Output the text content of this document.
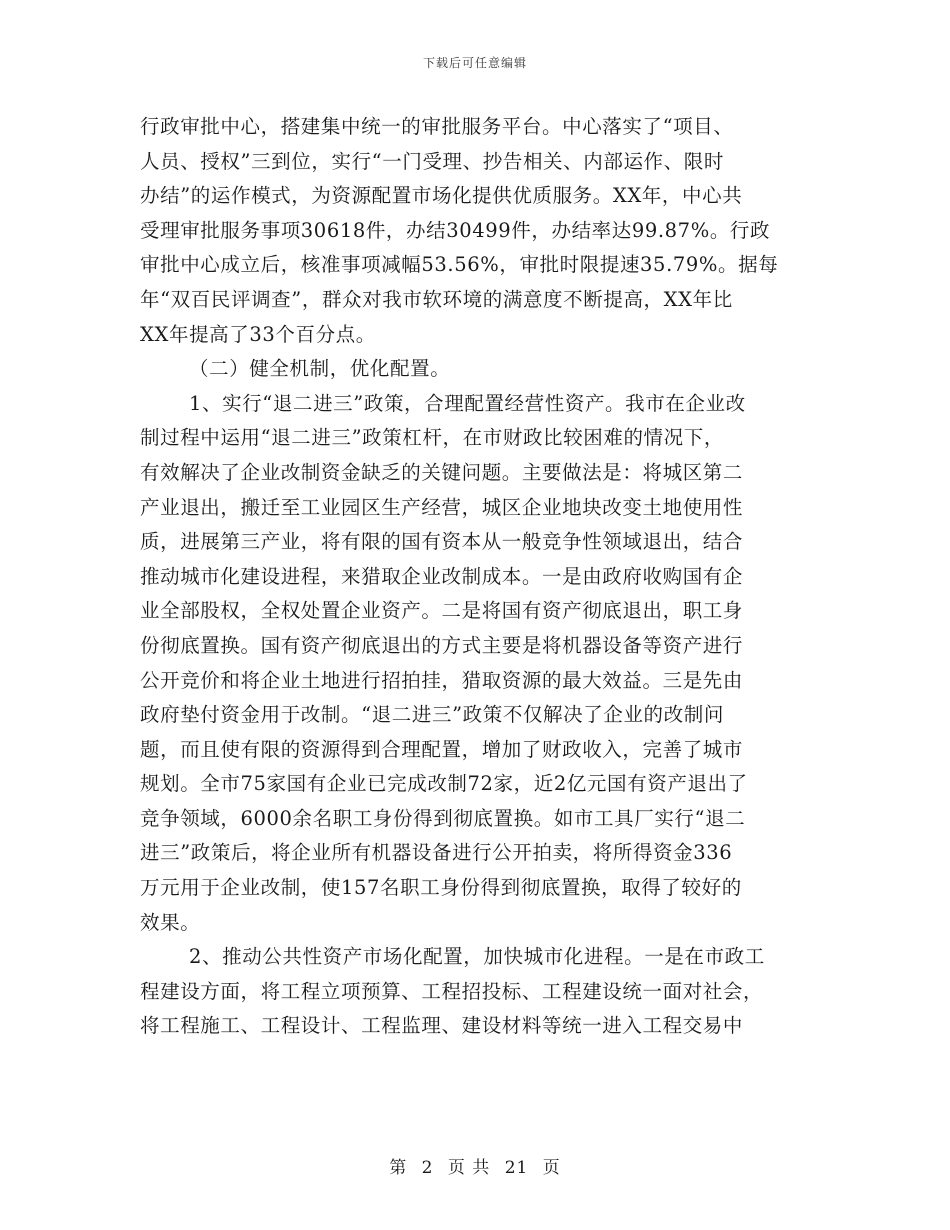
下载后可任意编辑
行政审批中心，搭建集中统一的审批服务平台。中心落实了“项目、
人员、授权”三到位，实行“一门受理、抄告相关、内部运作、限时
办结”的运作模式，为资源配置市场化提供优质服务。XX年，中心共
受理审批服务事项30618件，办结30499件，办结率达99.87%。行政
审批中心成立后，核准事项减幅53.56%，审批时限提速35.79%。据每
年“双百民评调查”，群众对我市软环境的满意度不断提高，XX年比
XX年提高了33个百分点。
（二）健全机制，优化配置。
1、实行“退二进三”政策，合理配置经营性资产。我市在企业改
制过程中运用“退二进三”政策杠杆，在市财政比较困难的情况下，
有效解决了企业改制资金缺乏的关键问题。主要做法是：将城区第二
产业退出，搬迁至工业园区生产经营，城区企业地块改变土地使用性
质，进展第三产业，将有限的国有资本从一般竞争性领域退出，结合
推动城市化建设进程，来猎取企业改制成本。一是由政府收购国有企
业全部股权，全权处置企业资产。二是将国有资产彻底退出，职工身
份彻底置换。国有资产彻底退出的方式主要是将机器设备等资产进行
公开竞价和将企业土地进行招拍挂，猎取资源的最大效益。三是先由
政府垫付资金用于改制。“退二进三”政策不仅解决了企业的改制问
题，而且使有限的资源得到合理配置，增加了财政收入，完善了城市
规划。全市75家国有企业已完成改制72家，近2亿元国有资产退出了
竞争领域，6000余名职工身份得到彻底置换。如市工具厂实行“退二
进三”政策后，将企业所有机器设备进行公开拍卖，将所得资金336
万元用于企业改制，使157名职工身份得到彻底置换，取得了较好的
效果。
2、推动公共性资产市场化配置，加快城市化进程。一是在市政工
程建设方面，将工程立项预算、工程招投标、工程建设统一面对社会，
将工程施工、工程设计、工程监理、建设材料等统一进入工程交易中
第 2 页 共 21 页
